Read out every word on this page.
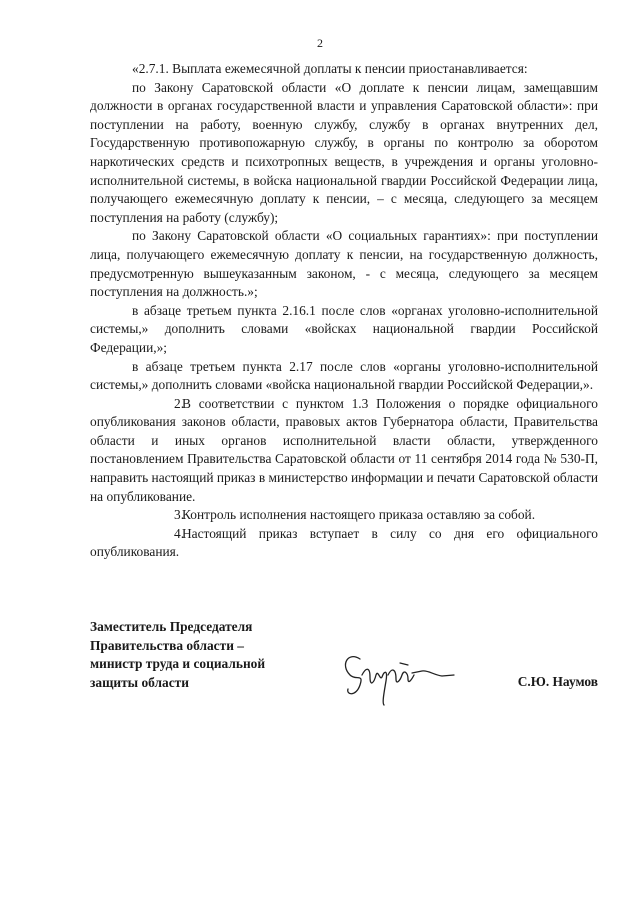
2

«2.7.1. Выплата ежемесячной доплаты к пенсии приостанавливается:

по Закону Саратовской области «О доплате к пенсии лицам, замещавшим должности в органах государственной власти и управления Саратовской области»: при поступлении на работу, военную службу, службу в органах внутренних дел, Государственную противопожарную службу, в органы по контролю за оборотом наркотических средств и психотропных веществ, в учреждения и органы уголовно-исполнительной системы, в войска национальной гвардии Российской Федерации лица, получающего ежемесячную доплату к пенсии, – с месяца, следующего за месяцем поступления на работу (службу);

по Закону Саратовской области «О социальных гарантиях»: при поступлении лица, получающего ежемесячную доплату к пенсии, на государственную должность, предусмотренную вышеуказанным законом, - с месяца, следующего за месяцем поступления на должность.»;

в абзаце третьем пункта 2.16.1 после слов «органах уголовно-исполнительной системы,» дополнить словами «войсках национальной гвардии Российской Федерации,»;

в абзаце третьем пункта 2.17 после слов «органы уголовно-исполнительной системы,» дополнить словами «войска национальной гвардии Российской Федерации,».

2.В соответствии с пунктом 1.3 Положения о порядке официального опубликования законов области, правовых актов Губернатора области, Правительства области и иных органов исполнительной власти области, утвержденного постановлением Правительства Саратовской области от 11 сентября 2014 года № 530-П, направить настоящий приказ в министерство информации и печати Саратовской области на опубликование.

3.Контроль исполнения настоящего приказа оставляю за собой.

4.Настоящий приказ вступает в силу со дня его официального опубликования.

Заместитель Председателя
Правительства области –
министр труда и социальной
защиты области	С.Ю. Наумов
